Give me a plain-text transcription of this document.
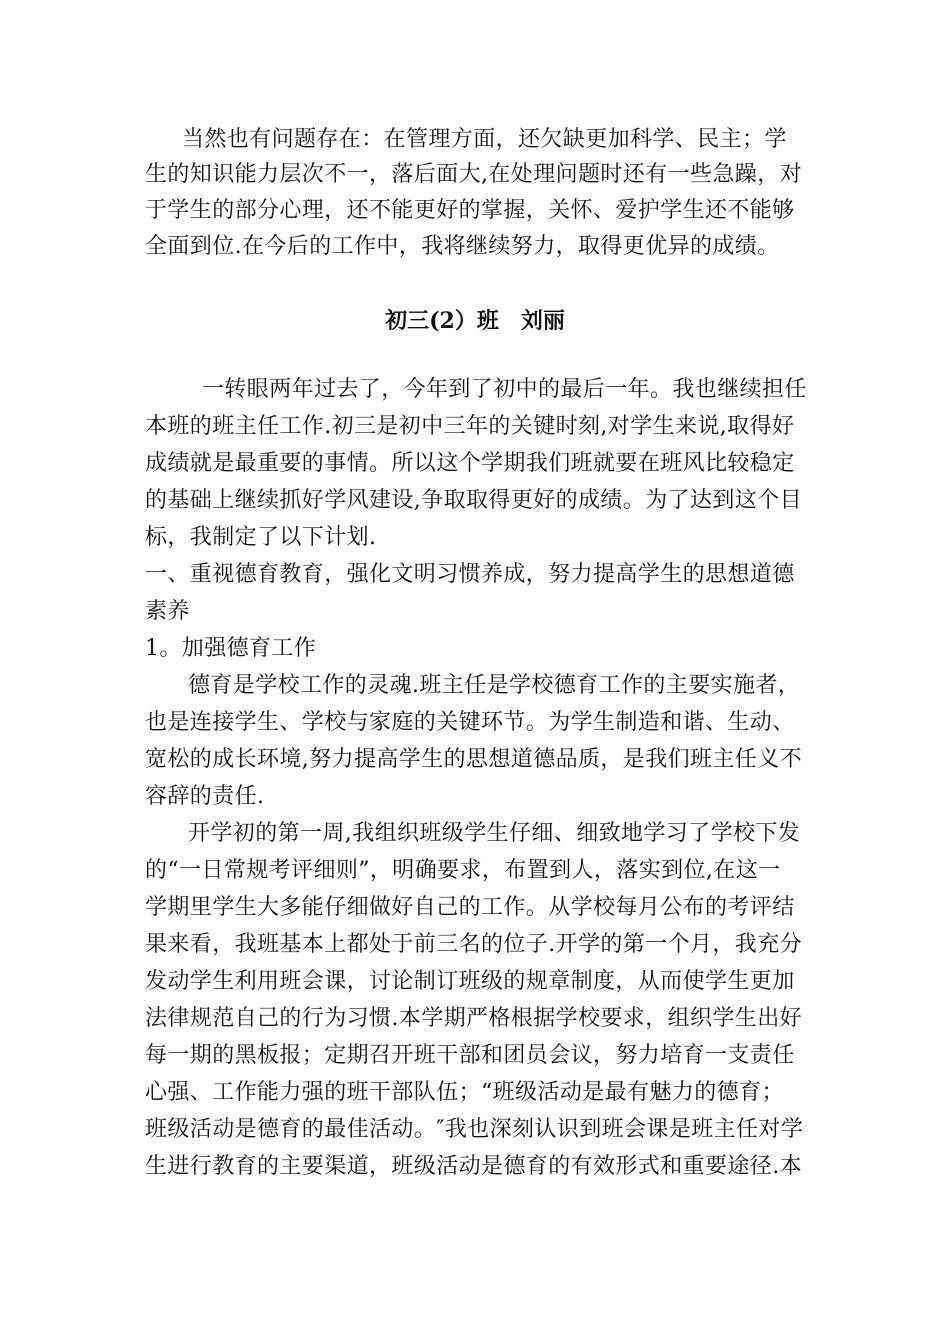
当然也有问题存在：在管理方面，还欠缺更加科学、民主；学
生的知识能力层次不一，落后面大,在处理问题时还有一些急躁，对
于学生的部分心理，还不能更好的掌握，关怀、爱护学生还不能够
全面到位.在今后的工作中，我将继续努力，取得更优异的成绩。
初三(2）班　刘丽
一转眼两年过去了，今年到了初中的最后一年。我也继续担任
本班的班主任工作.初三是初中三年的关键时刻,对学生来说,取得好
成绩就是最重要的事情。所以这个学期我们班就要在班风比较稳定
的基础上继续抓好学风建设,争取取得更好的成绩。为了达到这个目
标，我制定了以下计划.
一、重视德育教育，强化文明习惯养成，努力提高学生的思想道德
素养
1。加强德育工作
德育是学校工作的灵魂.班主任是学校德育工作的主要实施者，
也是连接学生、学校与家庭的关键环节。为学生制造和谐、生动、
宽松的成长环境,努力提高学生的思想道德品质，是我们班主任义不
容辞的责任.
开学初的第一周,我组织班级学生仔细、细致地学习了学校下发
的“一日常规考评细则”，明确要求，布置到人，落实到位,在这一
学期里学生大多能仔细做好自己的工作。从学校每月公布的考评结
果来看，我班基本上都处于前三名的位子.开学的第一个月，我充分
发动学生利用班会课，讨论制订班级的规章制度，从而使学生更加
法律规范自己的行为习惯.本学期严格根据学校要求，组织学生出好
每一期的黑板报；定期召开班干部和团员会议，努力培育一支责任
心强、工作能力强的班干部队伍；“班级活动是最有魅力的德育；
班级活动是德育的最佳活动。″我也深刻认识到班会课是班主任对学
生进行教育的主要渠道，班级活动是德育的有效形式和重要途径.本
